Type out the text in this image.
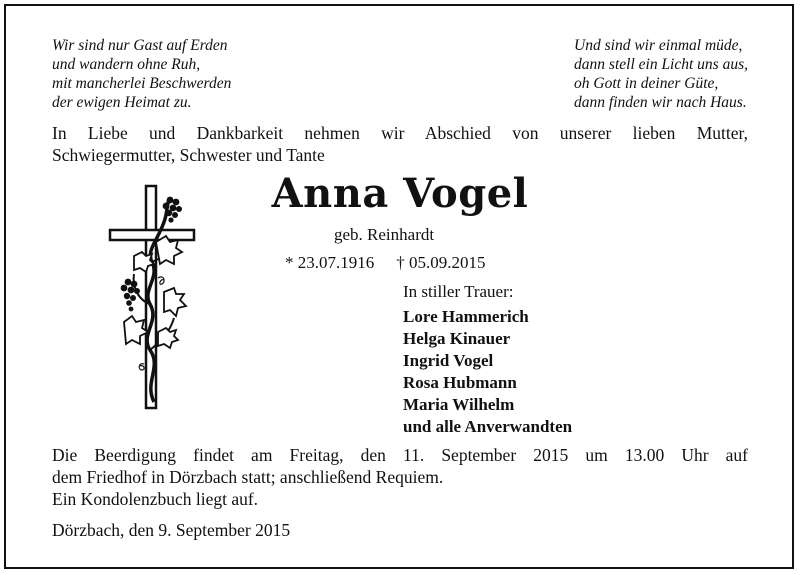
Wir sind nur Gast auf Erden
und wandern ohne Ruh,
mit mancherlei Beschwerden
der ewigen Heimat zu.
Und sind wir einmal müde,
dann stell ein Licht uns aus,
oh Gott in deiner Güte,
dann finden wir nach Haus.
In Liebe und Dankbarkeit nehmen wir Abschied von unserer lieben Mutter,
Schwiegermutter, Schwester und Tante
Anna Vogel
geb. Reinhardt
* 23.07.1916 † 05.09.2015
In stiller Trauer:
Lore Hammerich
Helga Kinauer
Ingrid Vogel
Rosa Hubmann
Maria Wilhelm
und alle Anverwandten
Die Beerdigung findet am Freitag, den 11. September 2015 um 13.00 Uhr auf
dem Friedhof in Dörzbach statt; anschließend Requiem.
Ein Kondolenzbuch liegt auf.
Dörzbach, den 9. September 2015
